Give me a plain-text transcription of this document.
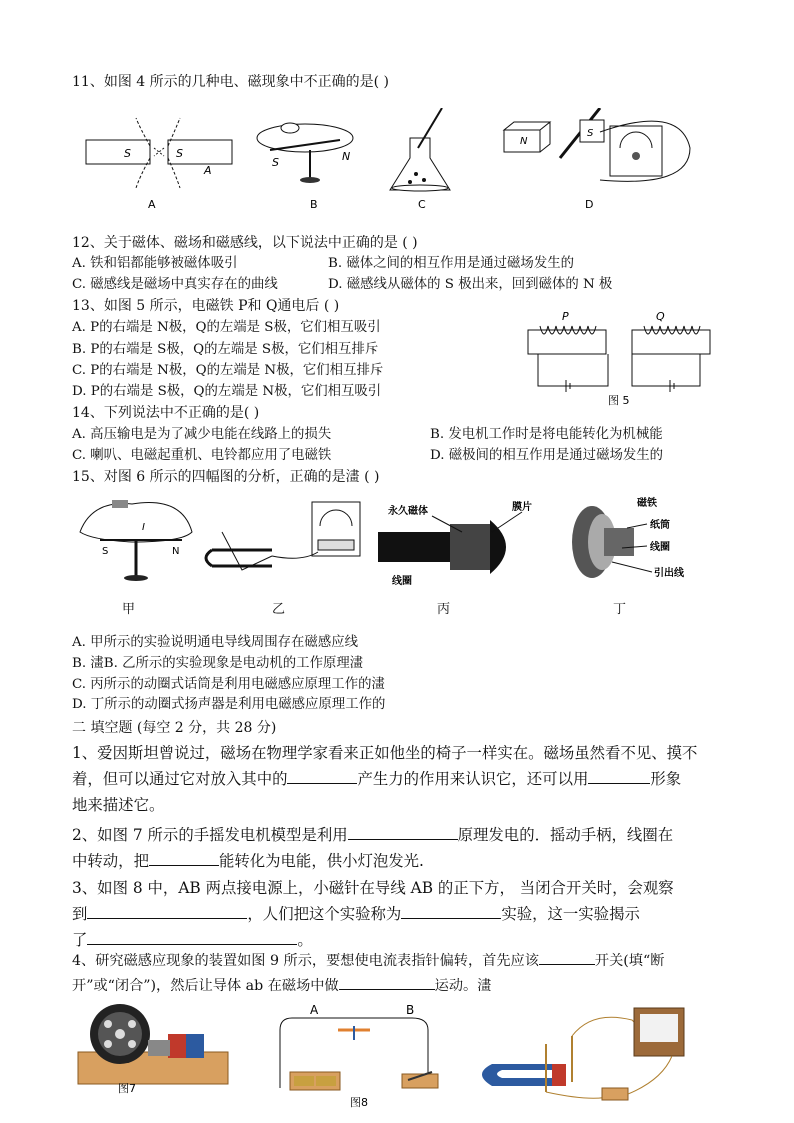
11、如图 4 所示的几种电、磁现象中不正确的是( )
S	S
A
A
S	N
B	C
N
S
D
12、关于磁体、磁场和磁感线，以下说法中正确的是 ( )
A. 铁和铝都能够被磁体吸引	B. 磁体之间的相互作用是通过磁场发生的
C. 磁感线是磁场中真实存在的曲线	D. 磁感线从磁体的 S 极出来，回到磁体的 N 极
13、如图 5 所示，电磁铁 P和 Q通电后 ( )
A. P的右端是 N极，Q的左端是 S极，它们相互吸引
B. P的右端是 S极，Q的左端是 S极，它们相互排斥
C. P的右端是 N极，Q的左端是 N极，它们相互排斥
D. P的右端是 S极，Q的左端是 N极，它们相互吸引
P	Q
图 5
14、下列说法中不正确的是( )
A. 高压输电是为了减少电能在线路上的损失	B. 发电机工作时是将电能转化为机械能
C. 喇叭、电磁起重机、电铃都应用了电磁铁	D. 磁极间的相互作用是通过磁场发生的
15、对图 6 所示的四幅图的分析，正确的是澅 ( )
I
S	N
永久磁体	膜片
线圈
磁铁
纸筒
线圈
引出线
甲	乙	丙	丁
A. 甲所示的实验说明通电导线周围存在磁感应线
B. 澅B. 乙所示的实验现象是电动机的工作原理澅
C. 丙所示的动圈式话筒是利用电磁感应原理工作的澅
D. 丁所示的动圈式扬声器是利用电磁感应原理工作的
二 填空题 (每空 2 分，共 28 分)
1、爱因斯坦曾说过，磁场在物理学家看来正如他坐的椅子一样实在。磁场虽然看不见、摸不
着，但可以通过它对放入其中的	产生力的作用来认识它，还可以用	形象
地来描述它。
2、如图 7 所示的手摇发电机模型是利用	原理发电的．摇动手柄，线圈在
中转动，把	能转化为电能，供小灯泡发光.
3、如图 8 中，AB 两点接电源上，小磁针在导线 AB 的正下方， 当闭合开关时，会观察
到	，人们把这个实验称为	实验，这一实验揭示
了	。
4、研究磁感应现象的装置如图 9 所示，要想使电流表指针偏转，首先应该	开关(填“断
开”或“闭合”)，然后让导体 ab 在磁场中做	运动。澅
图7
A	B
图8
